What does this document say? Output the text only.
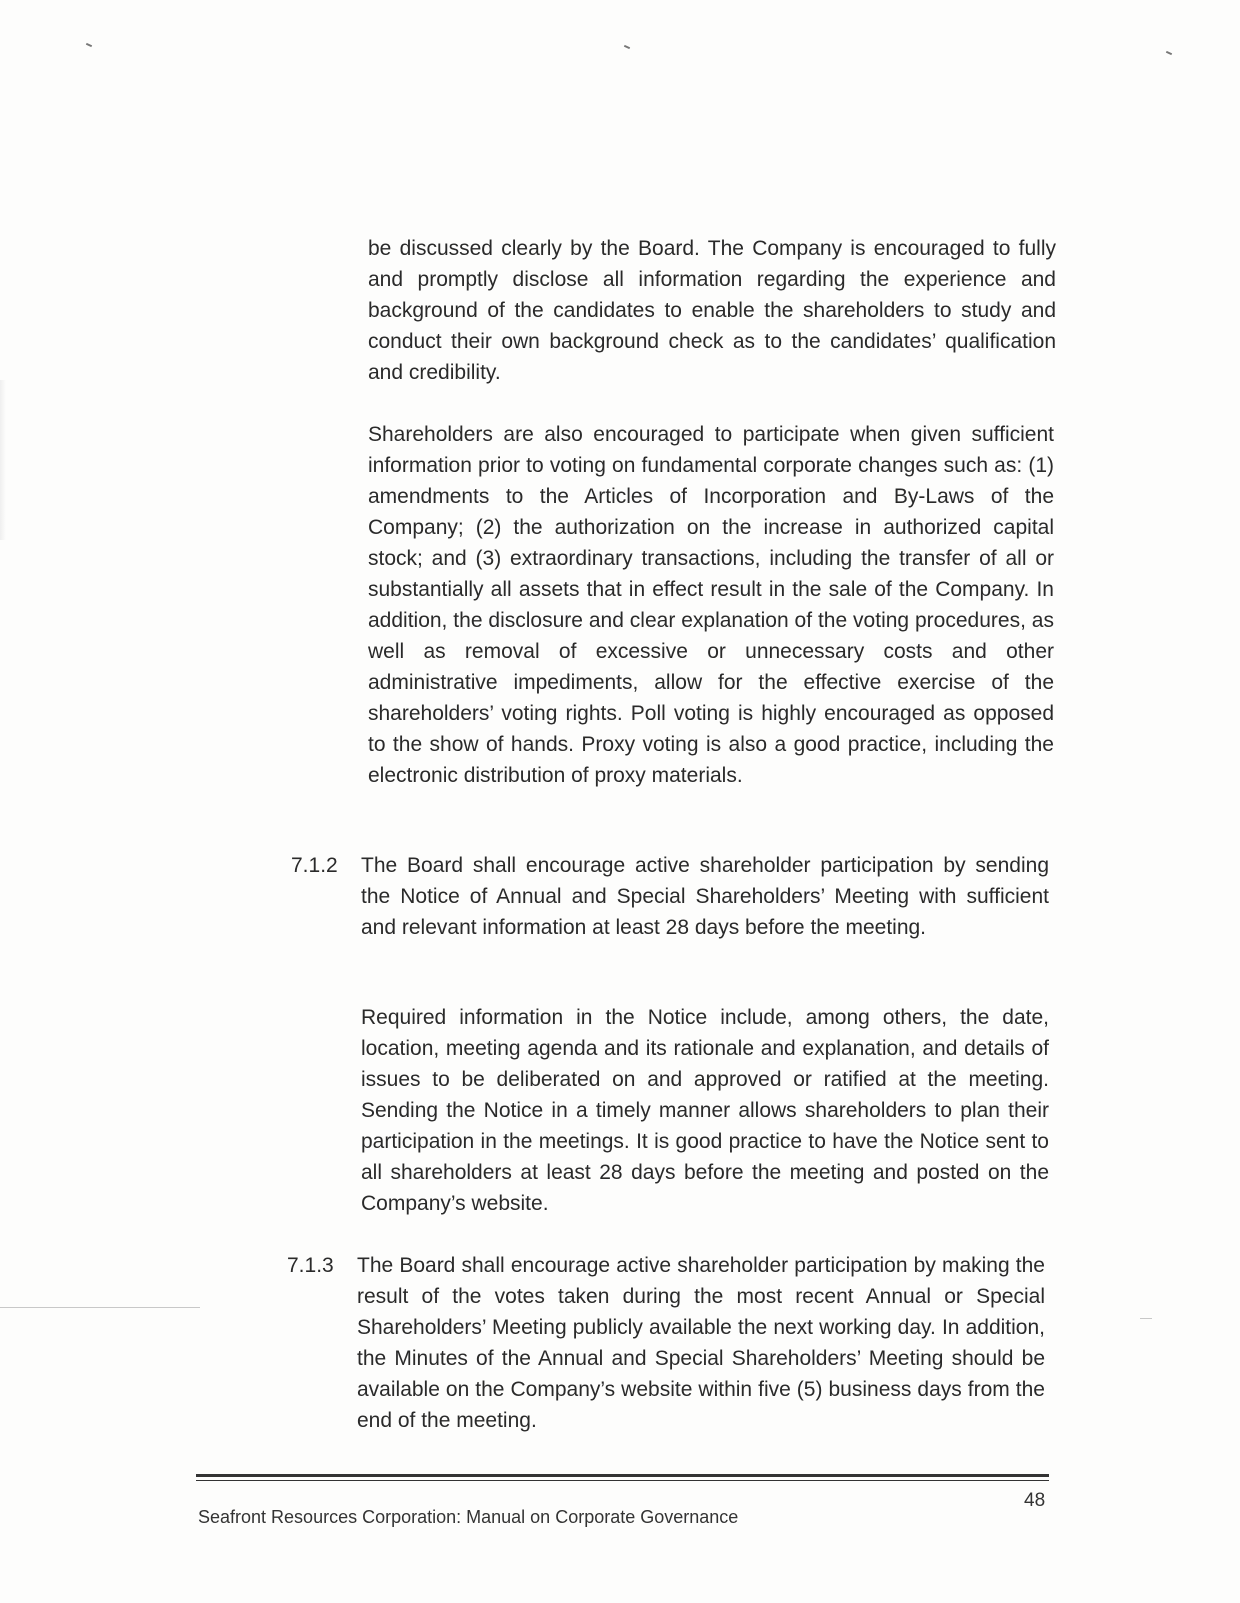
be discussed clearly by the Board. The Company is encouraged to fully and promptly disclose all information regarding the experience and background of the candidates to enable the shareholders to study and conduct their own background check as to the candidates’ qualification and credibility.

Shareholders are also encouraged to participate when given sufficient information prior to voting on fundamental corporate changes such as: (1) amendments to the Articles of Incorporation and By-Laws of the Company; (2) the authorization on the increase in authorized capital stock; and (3) extraordinary transactions, including the transfer of all or substantially all assets that in effect result in the sale of the Company. In addition, the disclosure and clear explanation of the voting procedures, as well as removal of excessive or unnecessary costs and other administrative impediments, allow for the effective exercise of the shareholders’ voting rights. Poll voting is highly encouraged as opposed to the show of hands. Proxy voting is also a good practice, including the electronic distribution of proxy materials.

7.1.2 The Board shall encourage active shareholder participation by sending the Notice of Annual and Special Shareholders’ Meeting with sufficient and relevant information at least 28 days before the meeting.

Required information in the Notice include, among others, the date, location, meeting agenda and its rationale and explanation, and details of issues to be deliberated on and approved or ratified at the meeting. Sending the Notice in a timely manner allows shareholders to plan their participation in the meetings. It is good practice to have the Notice sent to all shareholders at least 28 days before the meeting and posted on the Company’s website.

7.1.3 The Board shall encourage active shareholder participation by making the result of the votes taken during the most recent Annual or Special Shareholders’ Meeting publicly available the next working day. In addition, the Minutes of the Annual and Special Shareholders’ Meeting should be available on the Company’s website within five (5) business days from the end of the meeting.

Seafront Resources Corporation: Manual on Corporate Governance
48
